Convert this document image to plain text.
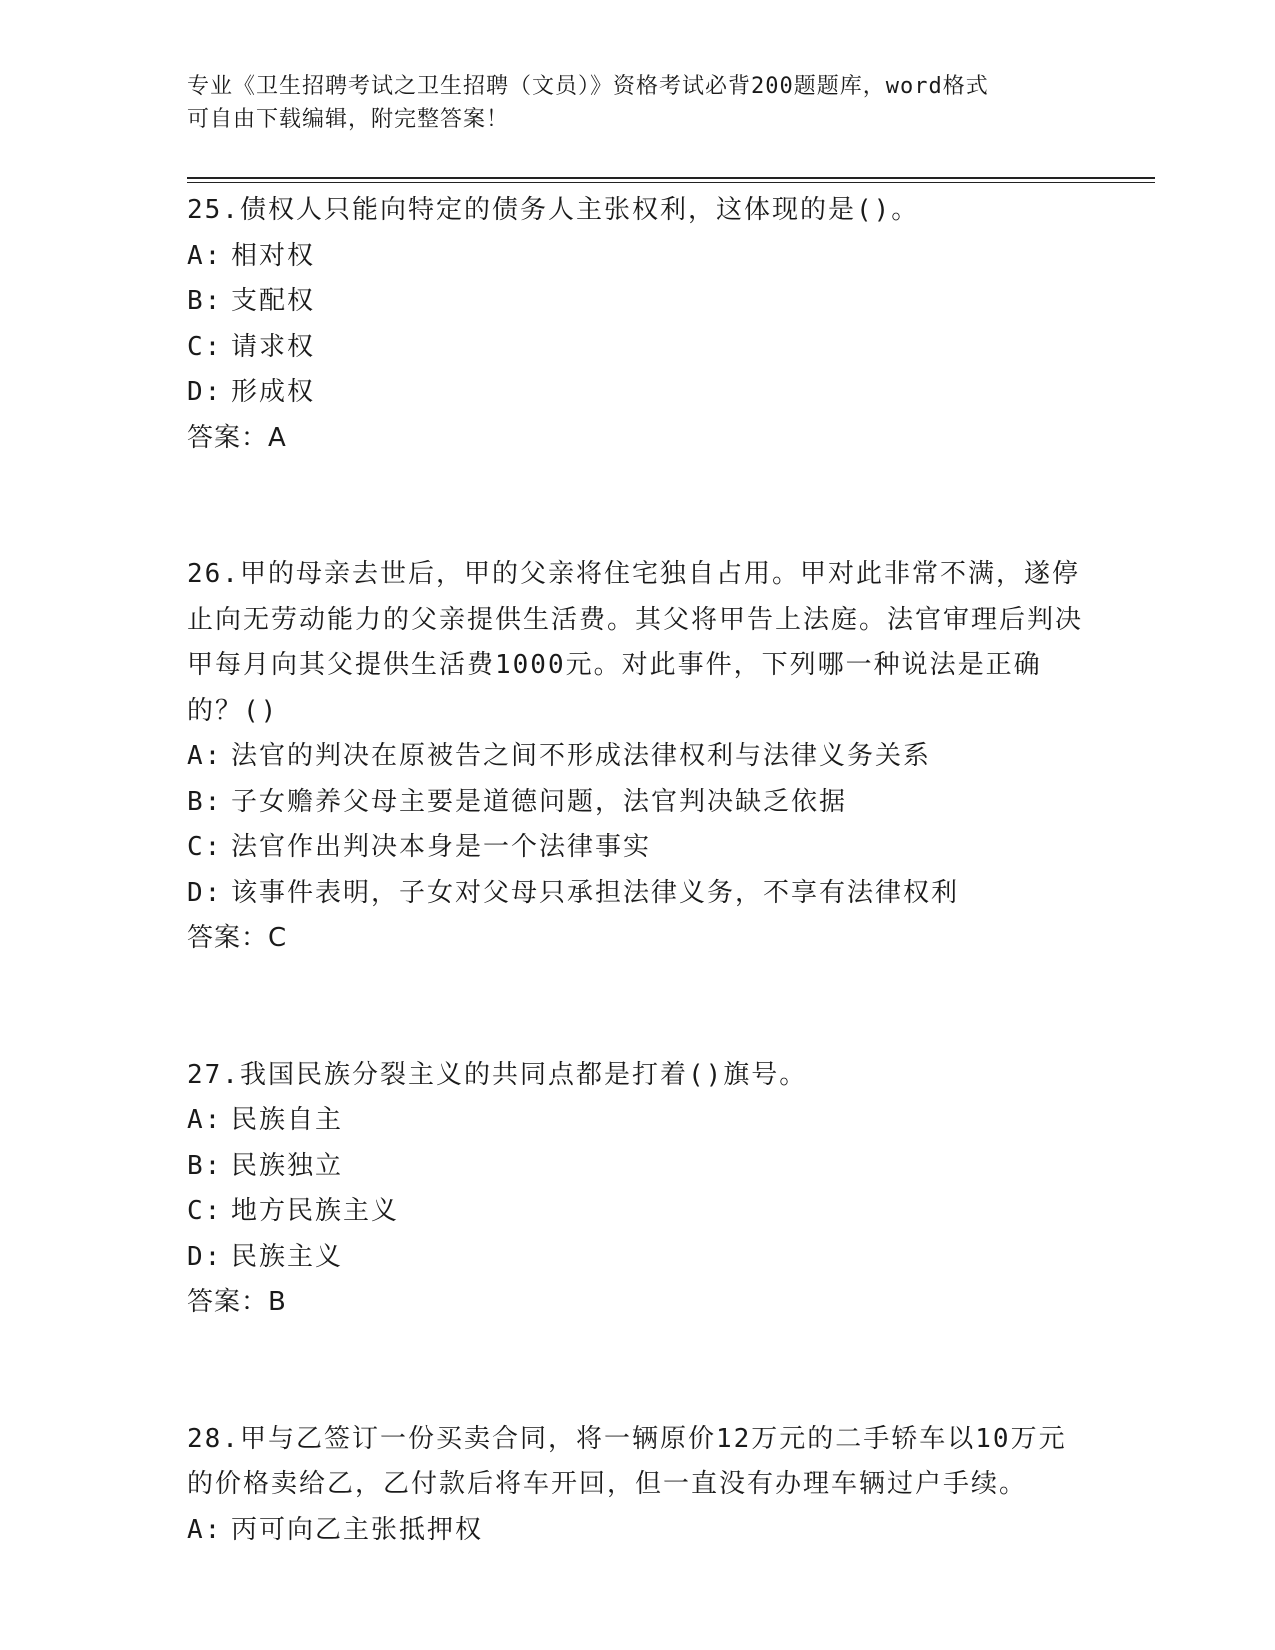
专业《卫生招聘考试之卫生招聘（文员）》资格考试必背200题题库，word格式
可自由下载编辑，附完整答案！

25.债权人只能向特定的债务人主张权利，这体现的是()。

A: 相对权
B: 支配权
C: 请求权
D: 形成权
答案：A

26.甲的母亲去世后，甲的父亲将住宅独自占用。甲对此非常不满，遂停止向无劳动能力的父亲提供生活费。其父将甲告上法庭。法官审理后判决甲每月向其父提供生活费1000元。对此事件，下列哪一种说法是正确的？()

A: 法官的判决在原被告之间不形成法律权利与法律义务关系
B: 子女赡养父母主要是道德问题，法官判决缺乏依据
C: 法官作出判决本身是一个法律事实
D: 该事件表明，子女对父母只承担法律义务，不享有法律权利
答案：C

27.我国民族分裂主义的共同点都是打着()旗号。

A: 民族自主
B: 民族独立
C: 地方民族主义
D: 民族主义
答案：B

28.甲与乙签订一份买卖合同，将一辆原价12万元的二手轿车以10万元的价格卖给乙，乙付款后将车开回，但一直没有办理车辆过户手续。

A: 丙可向乙主张抵押权
